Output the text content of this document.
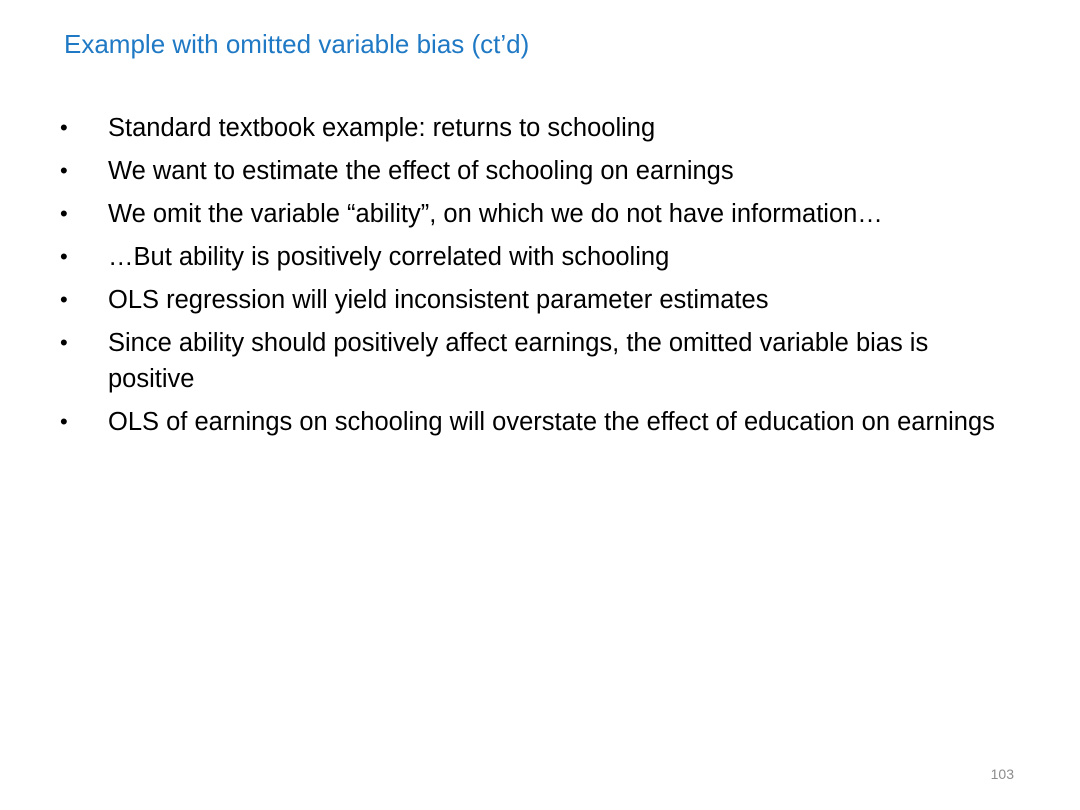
Example with omitted variable bias (ct’d)
•	Standard textbook example: returns to schooling
•	We want to estimate the effect of schooling on earnings
•	We omit the variable “ability”, on which we do not have information…
•	…But ability is positively correlated with schooling
•	OLS regression will yield inconsistent parameter estimates
•	Since ability should positively affect earnings, the omitted variable bias is positive
•	OLS of earnings on schooling will overstate the effect of education on earnings
103
